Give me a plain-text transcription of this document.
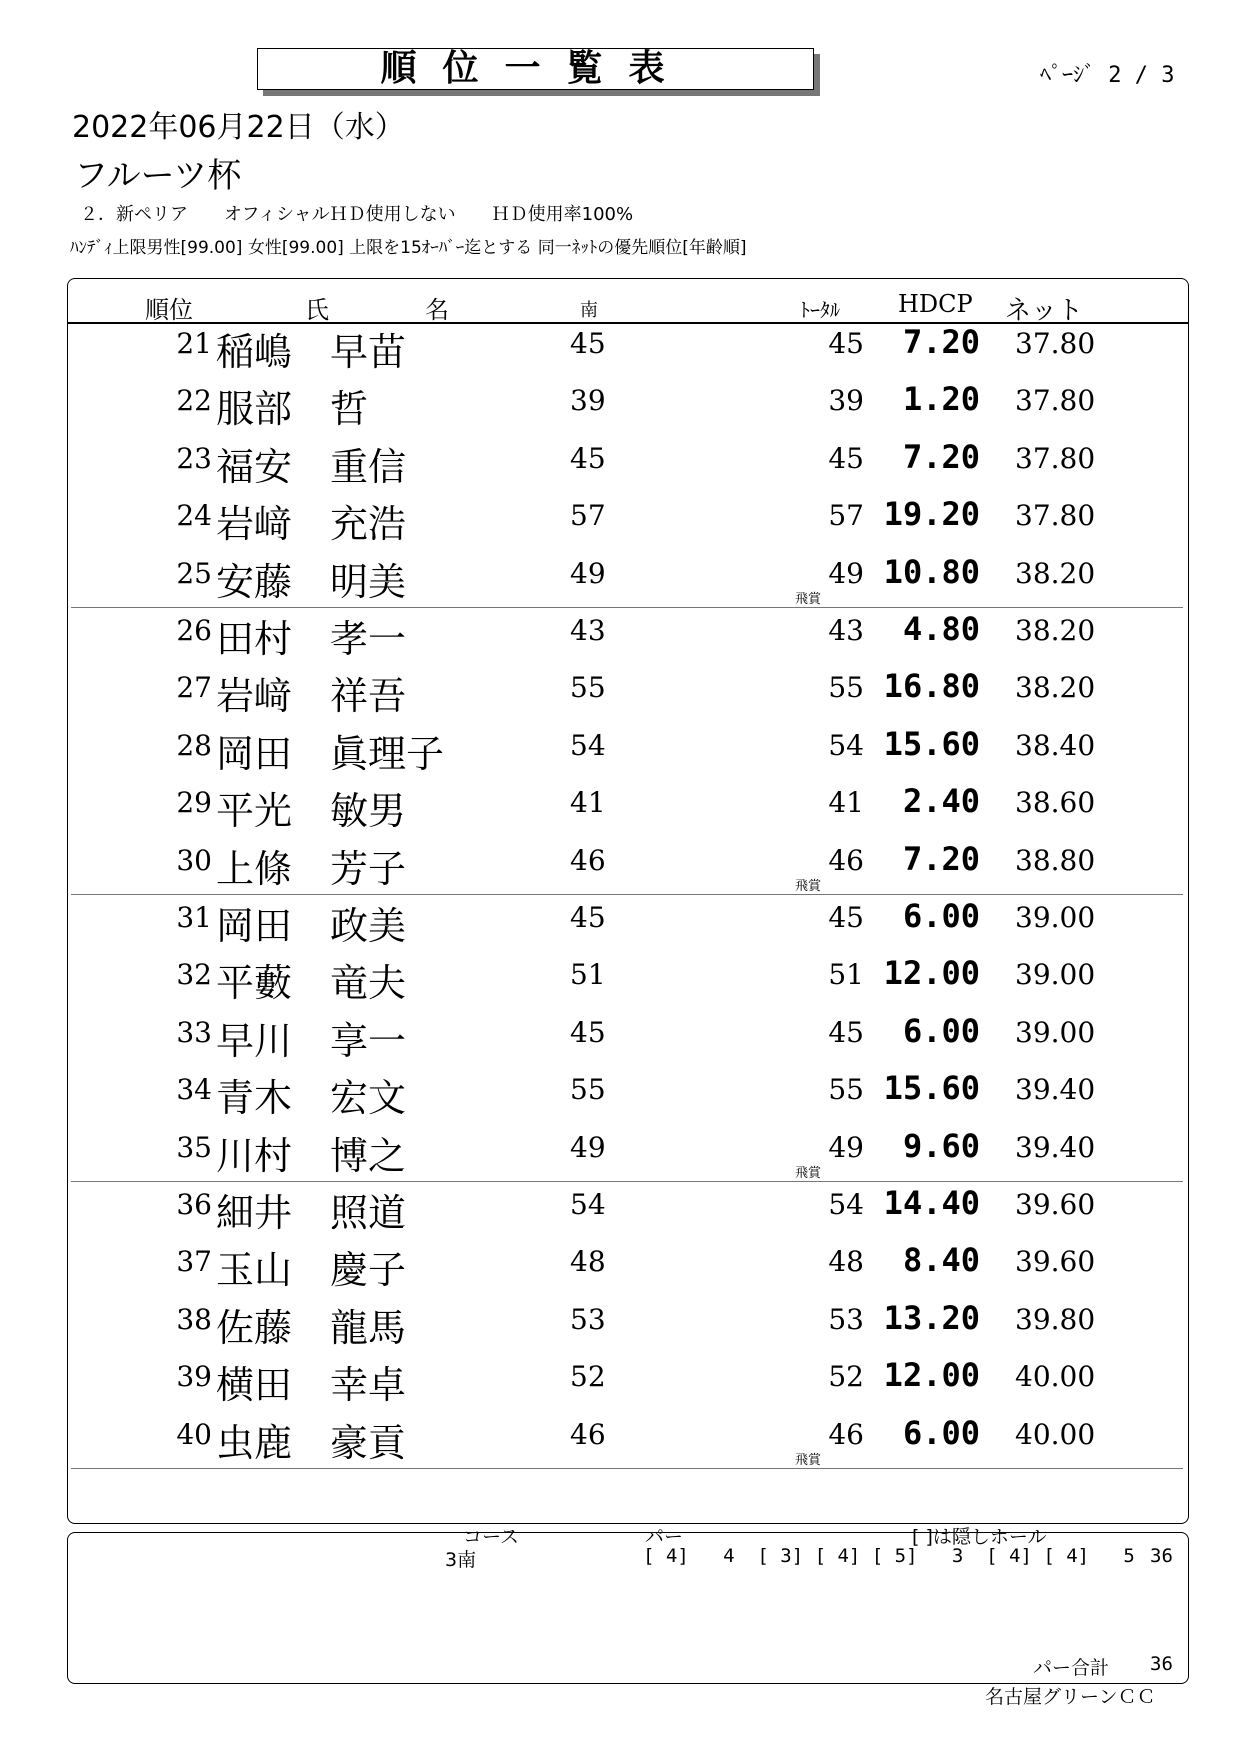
順位一覧表	ﾍﾟｰｼﾞ 2 / 3
2022年06月22日（水）
フルーツ杯
２．新ペリア　　オフィシャルＨＤ使用しない　　ＨＤ使用率100%
ﾊﾝﾃﾞｨ上限男性[99.00] 女性[99.00] 上限を15ｵｰﾊﾞｰ迄とする 同一ﾈｯﾄの優先順位[年齢順]
順位	氏	名	南	ﾄｰﾀﾙ HDCP ネット
21 稲嶋　早苗	45	45	7.20 37.80
22 服部　哲	39	39	1.20 37.80
23 福安　重信	45	45	7.20 37.80
24 岩﨑　充浩	57	57 19.20 37.80
25 安藤　明美	49	49 10.80 38.20
飛賞
26 田村　孝一	43	43	4.80 38.20
27 岩﨑　祥吾	55	55 16.80 38.20
28 岡田　眞理子	54	54 15.60 38.40
29 平光　敏男	41	41	2.40 38.60
30 上條　芳子	46	46	7.20 38.80
飛賞
31 岡田　政美	45	45	6.00 39.00
32 平藪　竜夫	51	51 12.00 39.00
33 早川　享一	45	45	6.00 39.00
34 青木　宏文	55	55 15.60 39.40
35 川村　博之	49	49	9.60 39.40
飛賞
36 細井　照道	54	54 14.40 39.60
37 玉山　慶子	48	48	8.40 39.60
38 佐藤　龍馬	53	53 13.20 39.80
39 横田　幸卓	52	52 12.00 40.00
40 虫鹿　豪貢	46	46	6.00 40.00
飛賞
コース	パー	[ ]は隠しホール
3南	[ 4]   4  [ 3] [ 4] [ 5]   3  [ 4] [ 4]   5 36
パー合計 36
名古屋グリーンＣＣ
